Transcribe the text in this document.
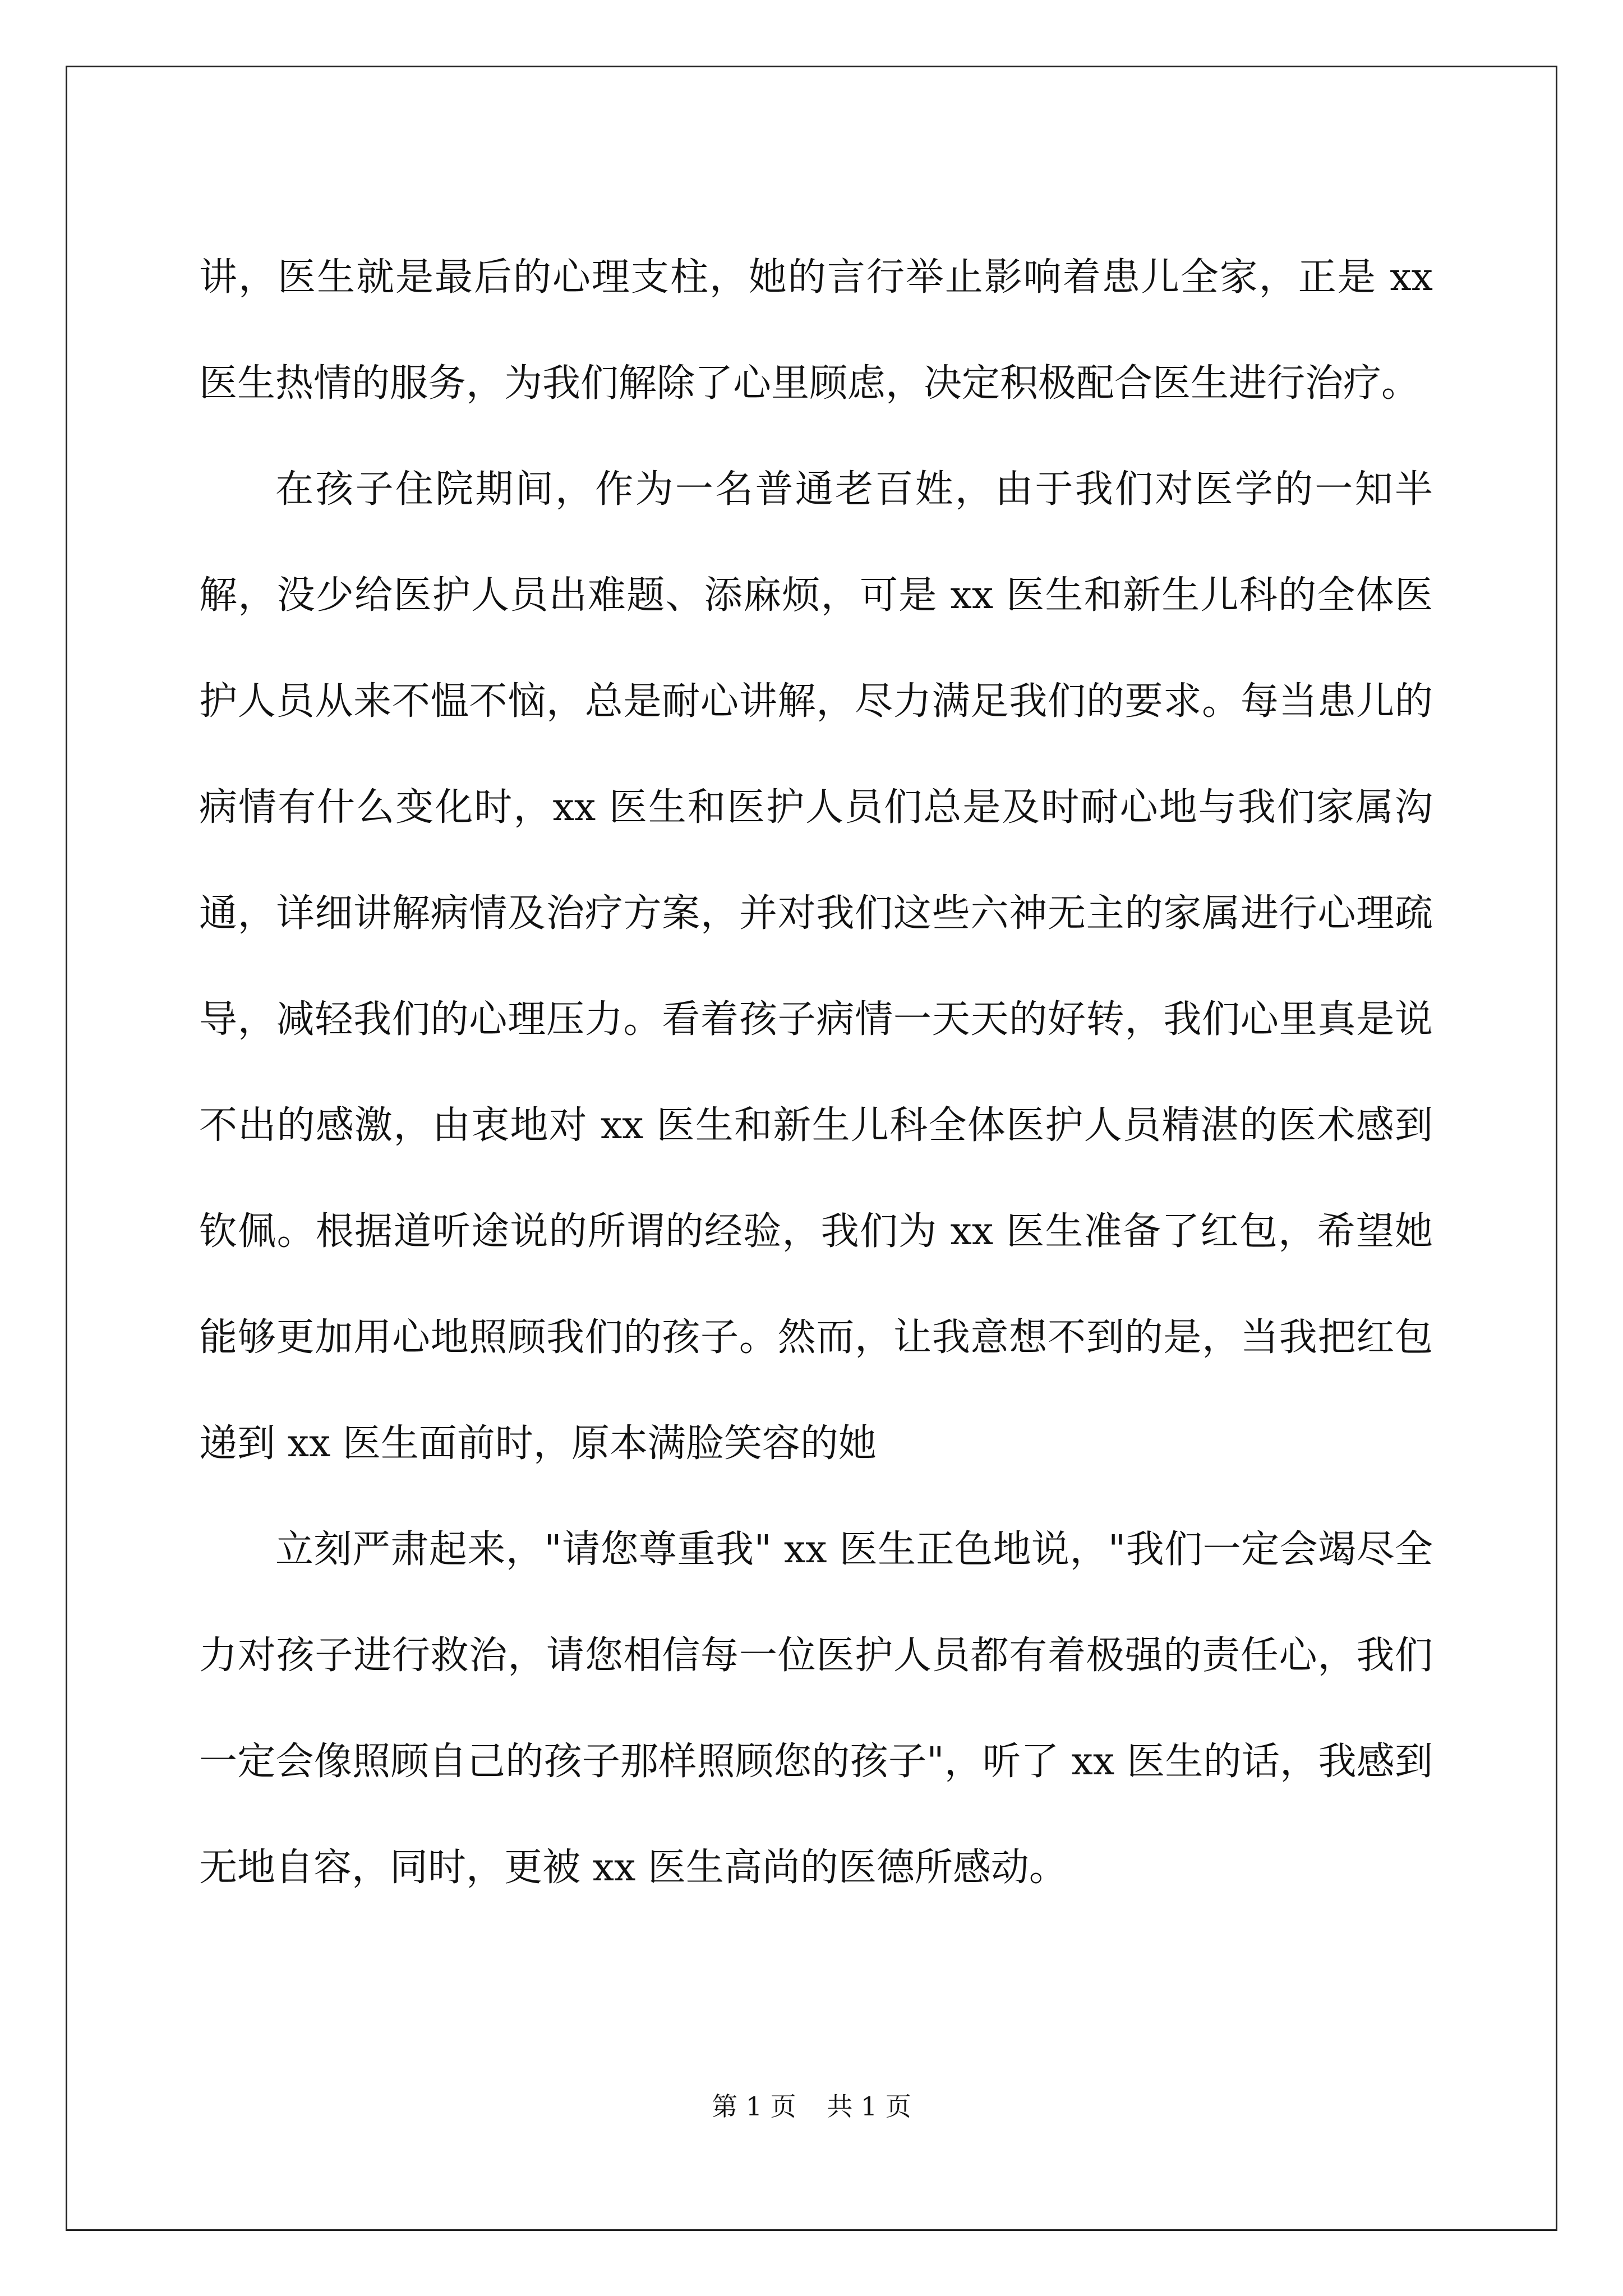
讲，医生就是最后的心理支柱，她的言行举止影响着患儿全家，正是 xx 医生热情的服务，为我们解除了心里顾虑，决定积极配合医生进行治疗。

在孩子住院期间，作为一名普通老百姓，由于我们对医学的一知半解，没少给医护人员出难题、添麻烦，可是 xx 医生和新生儿科的全体医护人员从来不愠不恼，总是耐心讲解，尽力满足我们的要求。每当患儿的病情有什么变化时，xx 医生和医护人员们总是及时耐心地与我们家属沟通，详细讲解病情及治疗方案，并对我们这些六神无主的家属进行心理疏导，减轻我们的心理压力。看着孩子病情一天天的好转，我们心里真是说不出的感激，由衷地对 xx 医生和新生儿科全体医护人员精湛的医术感到钦佩。根据道听途说的所谓的经验，我们为 xx 医生准备了红包，希望她能够更加用心地照顾我们的孩子。然而，让我意想不到的是，当我把红包递到 xx 医生面前时，原本满脸笑容的她

立刻严肃起来，"请您尊重我" xx 医生正色地说，"我们一定会竭尽全力对孩子进行救治，请您相信每一位医护人员都有着极强的责任心，我们一定会像照顾自己的孩子那样照顾您的孩子"，听了 xx 医生的话，我感到无地自容，同时，更被 xx 医生高尚的医德所感动。

第 1 页 共 1 页
